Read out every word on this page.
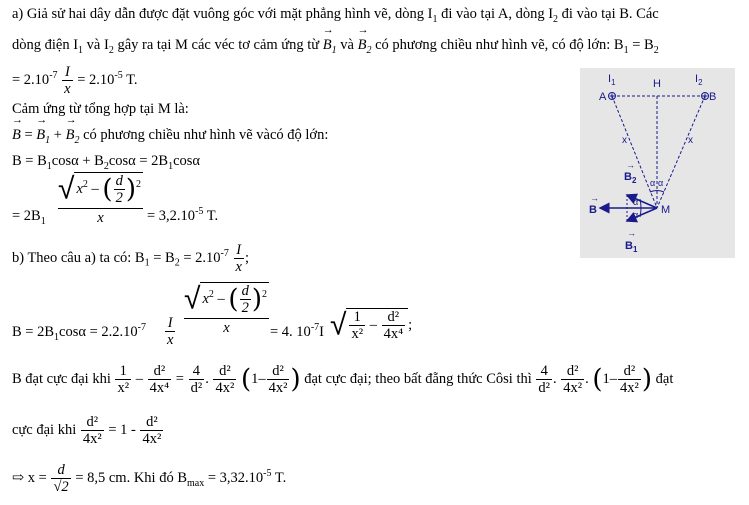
a) Giả sử hai dây dẫn được đặt vuông góc với mặt phẳng hình vẽ, dòng $I_1$ đi vào tại A, dòng $I_2$ đi vào tại B. Các
dòng điện $I_1$ và $I_2$ gây ra tại M các véc tơ cảm ứng từ → $B_1$ và → $B_2$ có phương chiều như hình vẽ, có độ lớn: $B_1 = B_2$
= $2.10^{-7} \frac{I}{x} = 2.10^{-5}$ T.
Cảm ứng từ tổng hợp tại M là:
→ B = → $B_1$ + → $B_2$ có phương chiều như hình vẽ vàcó độ lớn:
$B = B_1\cos\alpha + B_2\cos\alpha = 2B_1\cos\alpha$
= $2B_1 \frac{√ x^2 - ( \frac{d}{2} )^2}{x} = 3,2.10^{-5}$ T.
b) Theo câu a) ta có: $B_1 = B_2 = 2.10^{-7} \frac{I}{x}$ ;
$B = 2B_1\cos\alpha = 2.2.10^{-7} \frac{I}{x} \frac{√ x^2 - ( \frac{d}{2} )^2}{x} = 4$. $10^{-7}I$ √ $\frac{1}{\text{x²}} - \frac{\text{d²}}{\text{4x⁴}}$ ;
B đạt cực đại khi $\frac{1}{\text{x²}} - \frac{\text{d²}}{\text{4x⁴}} = \frac{4}{\text{d²}}$ . $\frac{\text{d²}}{\text{4x²}} (1- \frac{\text{d²}}{\text{4x²}}$ ) đạt cực đại; theo bất đẵng thức Côsi thì $\frac{4}{\text{d²}}$ . $\frac{\text{d²}}{\text{4x²}}$ . ($1- \frac{\text{d²}}{\text{4x²}}$ ) đạt
cực đại khi $\frac{\text{d²}}{\text{4x²}} = 1 - \frac{\text{d²}}{\text{4x²}}$
⇨ $x = \frac{d}{√2} = 8,5$ cm. Khi đó $B_{max} = 3,32.10^{-5}$ T.
$I_1$	$I_2$
H
A	B
x	x
α α
α
α
$B_2$
→
$B_1$
→
B
→
M
